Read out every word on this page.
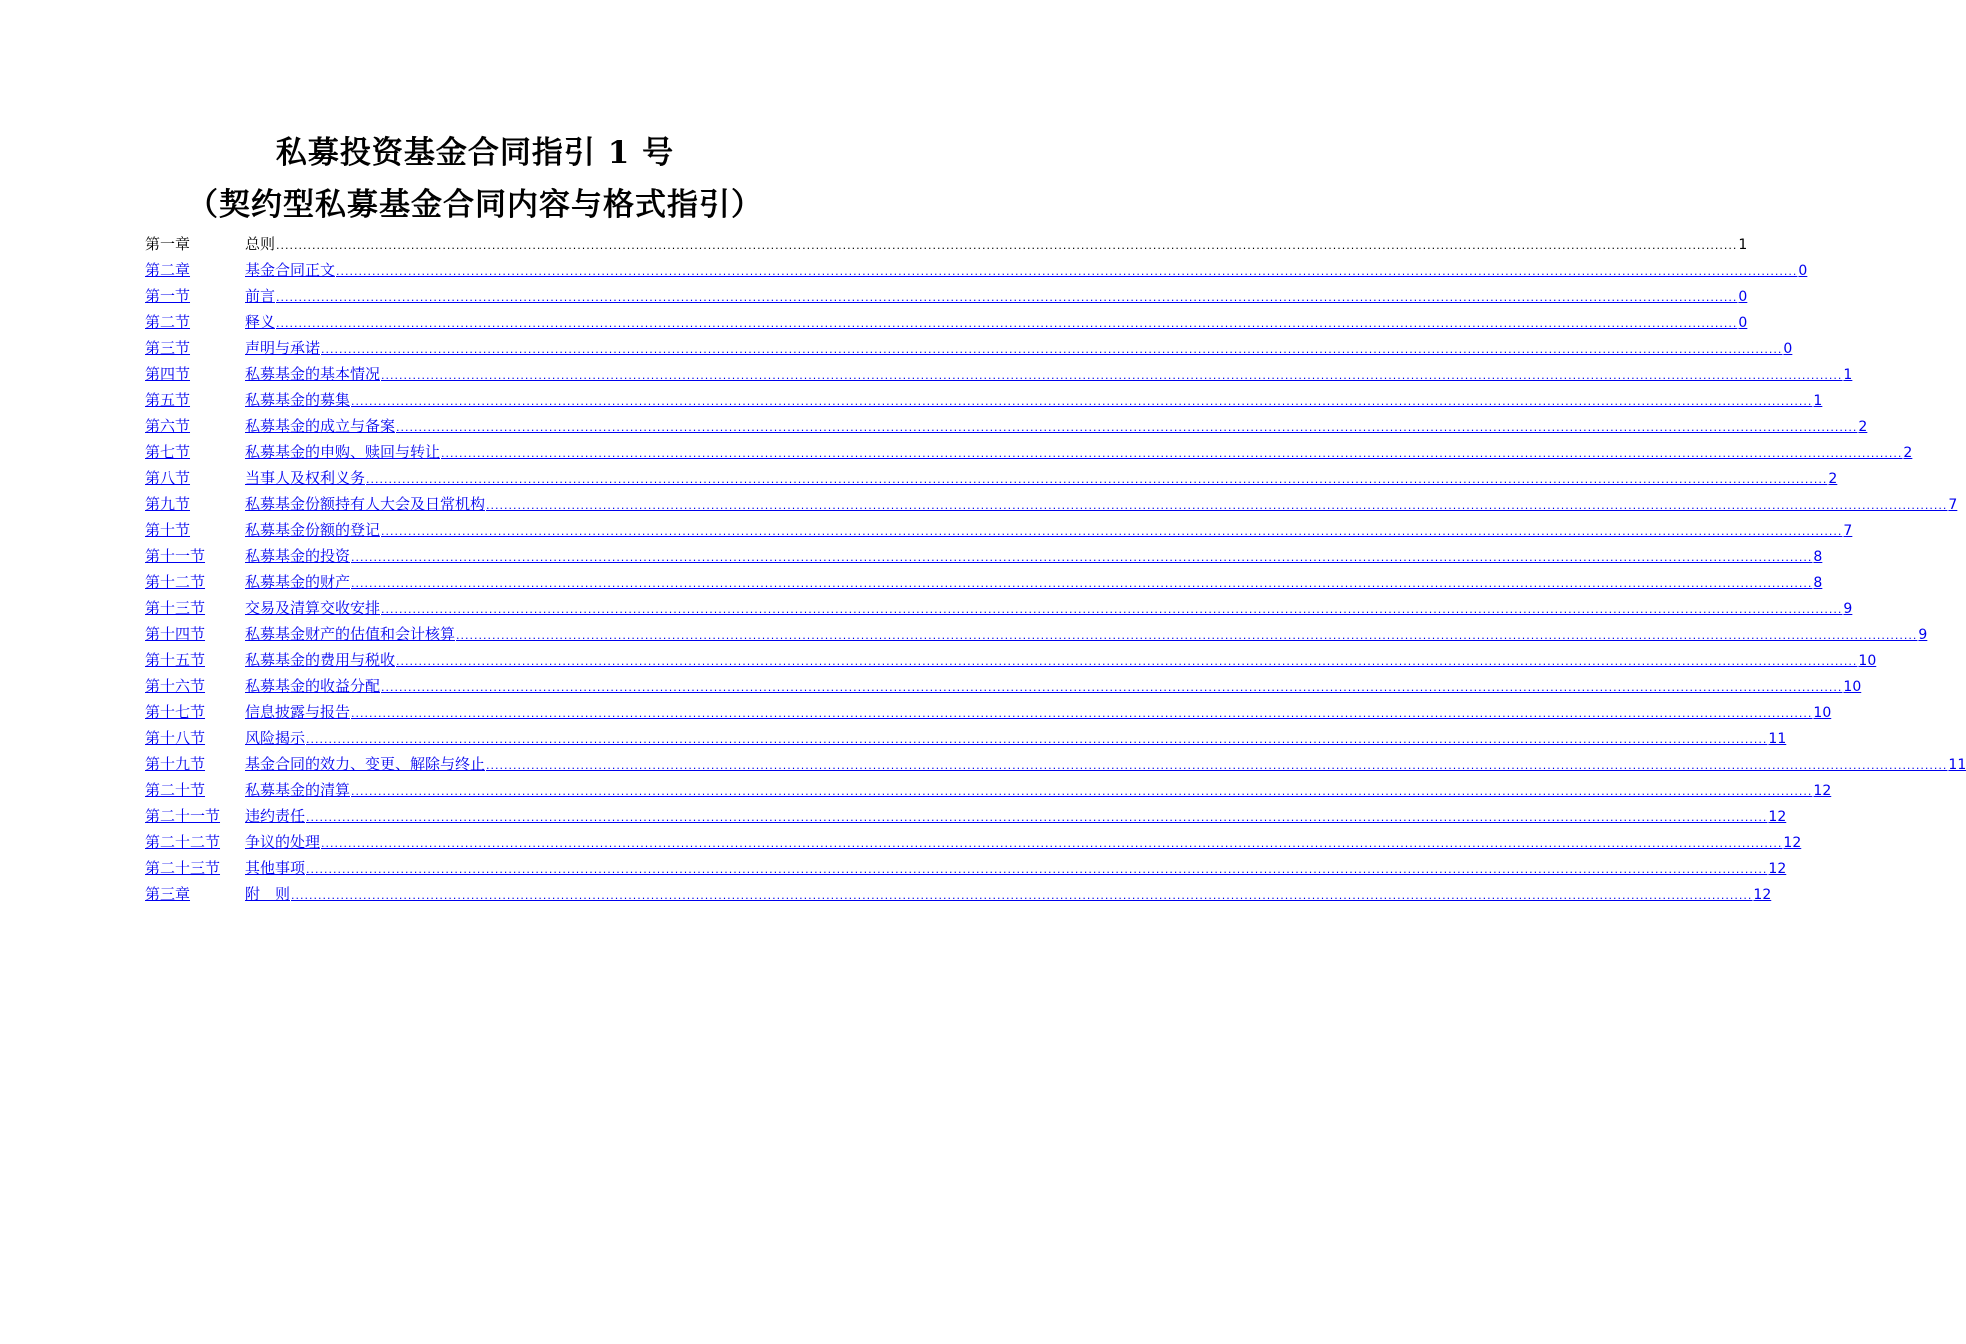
私募投资基金合同指引 1 号
（契约型私募基金合同内容与格式指引）
第一章	总则 ..................................................................................................................................................................................................................................................................................................................................... 1
第二章	基金合同正文 ..................................................................................................................................................................................................................................................................................................................................... 0
第一节	前言 ..................................................................................................................................................................................................................................................................................................................................... 0
第二节	释义 ..................................................................................................................................................................................................................................................................................................................................... 0
第三节	声明与承诺 ..................................................................................................................................................................................................................................................................................................................................... 0
第四节	私募基金的基本情况 ..................................................................................................................................................................................................................................................................................................................................... 1
第五节	私募基金的募集 ..................................................................................................................................................................................................................................................................................................................................... 1
第六节	私募基金的成立与备案 ..................................................................................................................................................................................................................................................................................................................................... 2
第七节	私募基金的申购、赎回与转让 ..................................................................................................................................................................................................................................................................................................................................... 2
第八节	当事人及权利义务 ..................................................................................................................................................................................................................................................................................................................................... 2
第九节	私募基金份额持有人大会及日常机构 ..................................................................................................................................................................................................................................................................................................................................... 7
第十节	私募基金份额的登记 ..................................................................................................................................................................................................................................................................................................................................... 7
第十一节	私募基金的投资 ..................................................................................................................................................................................................................................................................................................................................... 8
第十二节	私募基金的财产 ..................................................................................................................................................................................................................................................................................................................................... 8
第十三节	交易及清算交收安排 ..................................................................................................................................................................................................................................................................................................................................... 9
第十四节	私募基金财产的估值和会计核算 ..................................................................................................................................................................................................................................................................................................................................... 9
第十五节	私募基金的费用与税收 ..................................................................................................................................................................................................................................................................................................................................... 10
第十六节	私募基金的收益分配 ..................................................................................................................................................................................................................................................................................................................................... 10
第十七节	信息披露与报告 ..................................................................................................................................................................................................................................................................................................................................... 10
第十八节	风险揭示 ..................................................................................................................................................................................................................................................................................................................................... 11
第十九节	基金合同的效力、变更、解除与终止 ..................................................................................................................................................................................................................................................................................................................................... 11
第二十节	私募基金的清算 ..................................................................................................................................................................................................................................................................................................................................... 12
第二十一节	违约责任 ..................................................................................................................................................................................................................................................................................................................................... 12
第二十二节	争议的处理 ..................................................................................................................................................................................................................................................................................................................................... 12
第二十三节	其他事项 ..................................................................................................................................................................................................................................................................................................................................... 12
第三章	附　则 ..................................................................................................................................................................................................................................................................................................................................... 12
